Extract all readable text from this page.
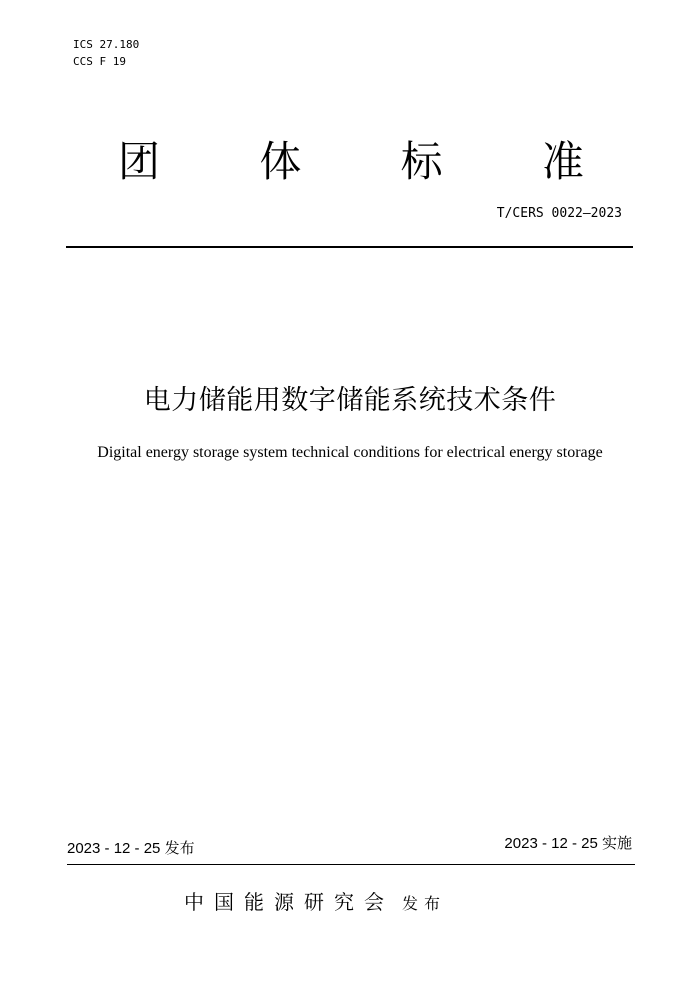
ICS 27.180
CCS F 19
团 体 标 准
T/CERS 0022—2023
电力储能用数字储能系统技术条件
Digital energy storage system technical conditions for electrical energy storage
2023 - 12 - 25 发布	2023 - 12 - 25 实施
中国能源研究会 发布
